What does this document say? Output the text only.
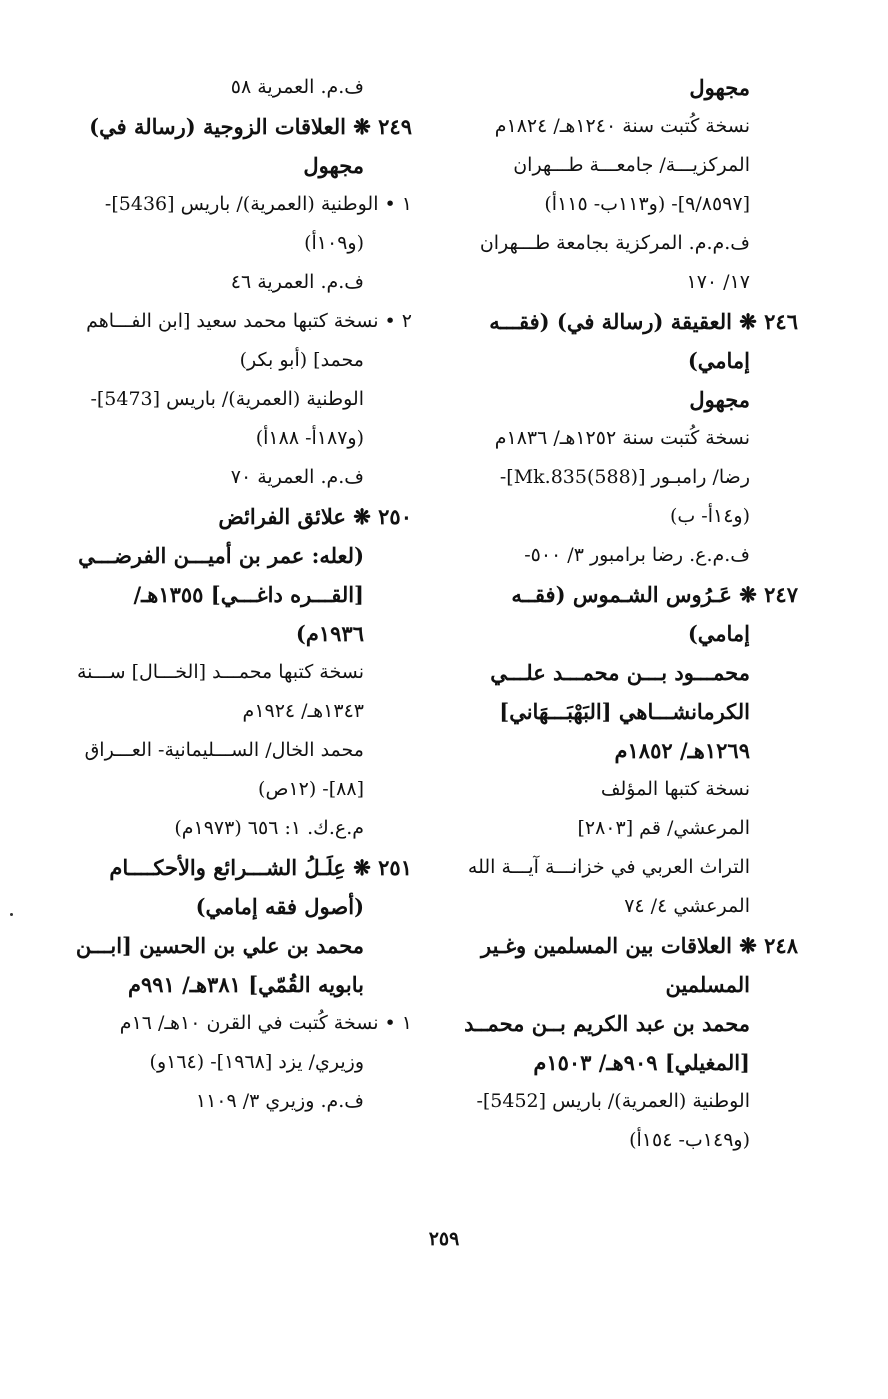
مجهول
نسخة كُتبت سنة ١٢٤٠هـ/ ١٨٢٤م
المركزيـــة/ جامعـــة طـــهران
[٩/٨٥٩٧]- (و١١٣ب- ١١٥أ)
ف.م.م. المركزية بجامعة طـــهران
١٧/ ١٧٠
٢٤٦ ❋ العقيقة (رسالة في) (فقـــه
إمامي)
مجهول
نسخة كُتبت سنة ١٢٥٢هـ/ ١٨٣٦م
رضا/ رامبـور [Mk.835(588)]-
(و١٤أ- ب)
ف.م.ع. رضا برامبور ٣/ ٥٠٠-
٢٤٧ ❋ عَـرُوس الشـموس (فقــه
إمامي)
محمـــود بـــن محمـــد علـــي
الكرمانشـــاهي [البَهْبَـــهَاني]
١٢٦٩هـ/ ١٨٥٢م
نسخة كتبها المؤلف
المرعشي/ قم [٢٨٠٣]
التراث العربي في خزانـــة آيـــة الله
المرعشي ٤/ ٧٤
٢٤٨ ❋ العلاقات بين المسلمين وغـير
المسلمين
محمد بن عبد الكريم بــن محمــد
[المغيلي] ٩٠٩هـ/ ١٥٠٣م
الوطنية (العمرية)/ باريس [5452]-
(و١٤٩ب- ١٥٤أ)
ف.م. العمرية ٥٨
٢٤٩ ❋ العلاقات الزوجية (رسالة في)
مجهول
١ • الوطنية (العمرية)/ باريس [5436]-
(و١٠٩أ)
ف.م. العمرية ٤٦
٢ • نسخة كتبها محمد سعيد [ابن الفـــاهم
محمد] (أبو بكر)
الوطنية (العمرية)/ باريس [5473]-
(و١٨٧أ- ١٨٨أ)
ف.م. العمرية ٧٠
٢٥٠ ❋ علائق الفرائض
(لعله: عمر بن أميـــن الفرضـــي
[القـــره داغـــي] ١٣٥٥هـ/
١٩٣٦م)
نسخة كتبها محمـــد [الخـــال] ســـنة
١٣٤٣هـ/ ١٩٢٤م
محمد الخال/ الســـليمانية- العـــراق
[٨٨]- (١٢ص)
م.ع.ك. ١: ٦٥٦ (١٩٧٣م)
٢٥١ ❋ عِلَـلُ الشـــرائع والأحكــــام
(أصول فقه إمامي)
محمد بن علي بن الحسين [ابـــن
بابويه القُمّي] ٣٨١هـ/ ٩٩١م
١ • نسخة كُتبت في القرن ١٠هـ/ ١٦م
وزيري/ يزد [١٩٦٨]- (١٦٤و)
ف.م. وزيري ٣/ ١١٠٩
٢٥٩
